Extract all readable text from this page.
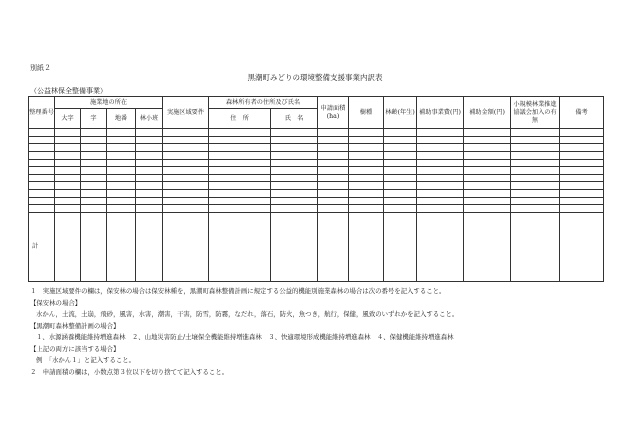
別紙２
黒潮町みどりの環境整備支援事業内訳表
（公益林保全整備事業）
整理番号	施業地の所在				実施区域要件	森林所有者の住所及び氏名		申請面積(ha)	樹種	林齢(年生)	補助事業費(円)	補助金額(円)	小規模林業推進協議会加入の有無	備考
	大字	字	地番	林小班		住　所	氏　名							

計														
１　実施区域要件の欄は，保安林の場合は保安林種を，黒潮町森林整備計画に規定する公益的機能別施業森林の場合は次の番号を記入すること。
【保安林の場合】
水かん，土流，土崩，飛砂，風害，水害，潮害，干害，防雪，防霧，なだれ，落石，防火，魚つき，航行，保健，風致のいずれかを記入すること。
【黒潮町森林整備計画の場合】
１、水源涵養機能維持増進森林　２、山地災害防止/土壌保全機能維持増進森林　３、快適環境形成機能維持増進森林　４、保健機能維持増進森林
【上記の両方に該当する場合】
例　「水かん１」と記入すること。
２　申請面積の欄は，小数点第３位以下を切り捨てて記入すること。
